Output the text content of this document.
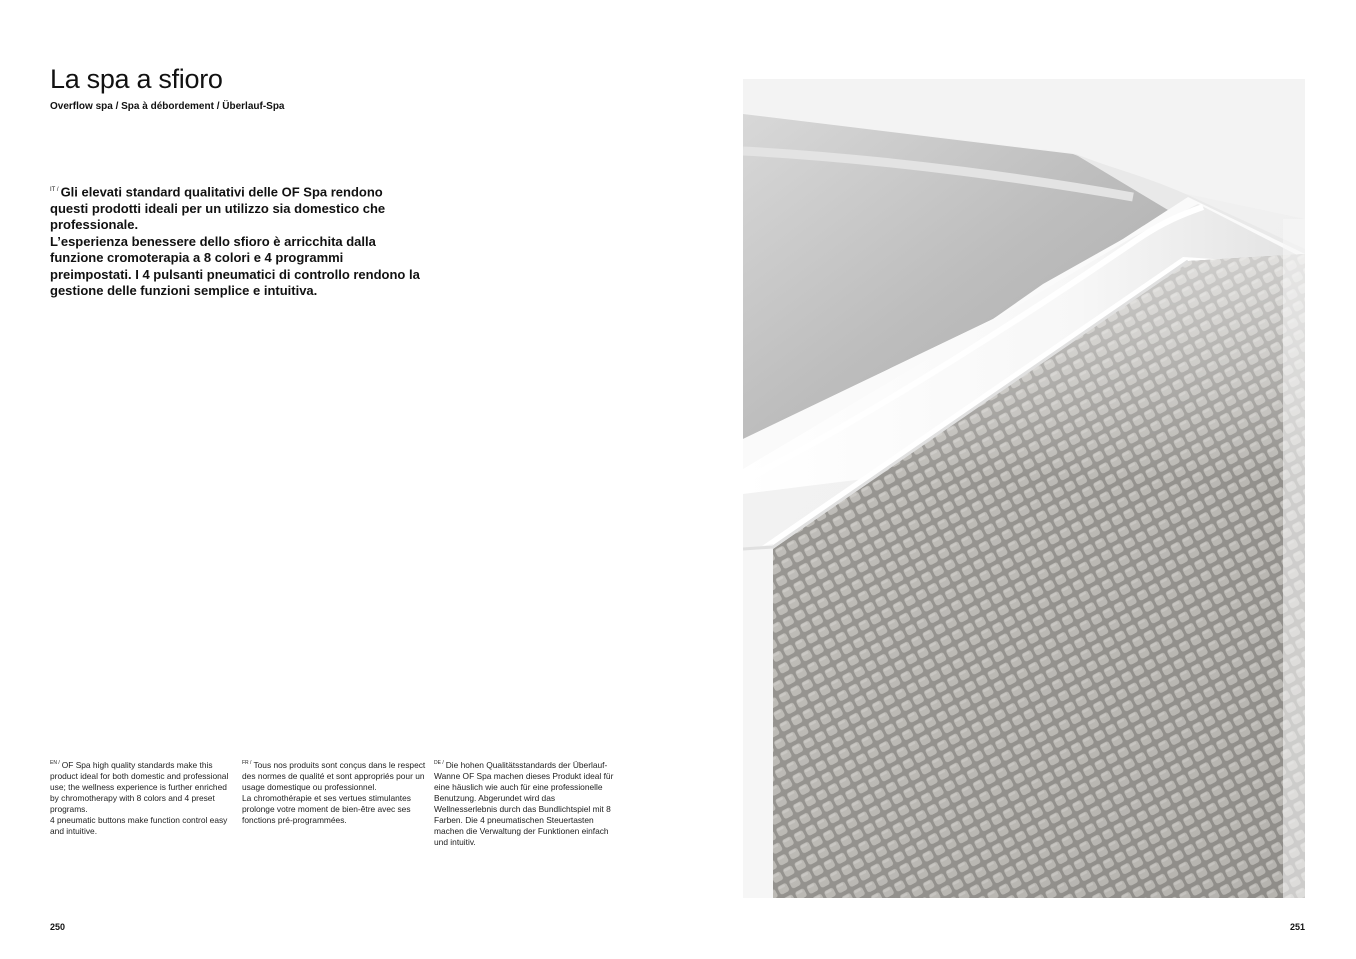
La spa a sfioro
Overflow spa / Spa à débordement / Überlauf-Spa

$^{IT /}$ Gli elevati standard qualitativi delle OF Spa rendono questi prodotti ideali per un utilizzo sia domestico che professionale.

L’esperienza benessere dello sfioro è arricchita dalla funzione cromoterapia a 8 colori e 4 programmi preimpostati. I 4 pulsanti pneumatici di controllo rendono la gestione delle funzioni semplice e intuitiva.

$^{EN /}$ OF Spa high quality standards make this product ideal for both domestic and professional use; the wellness experience is further enriched by chromotherapy with 8 colors and 4 preset programs.

4 pneumatic buttons make function control easy and intuitive.

$^{FR /}$ Tous nos produits sont conçus dans le respect des normes de qualité et sont appropriés pour un usage domestique ou professionnel.

La chromothérapie et ses vertues stimulantes prolonge votre moment de bien-être avec ses fonctions pré-programmées.

$^{DE /}$ Die hohen Qualitätsstandards der Überlauf-Wanne OF Spa machen dieses Produkt ideal für eine häuslich wie auch für eine professionelle Benutzung. Abgerundet wird das Wellnesserlebnis durch das Bundlichtspiel mit 8 Farben. Die 4 pneumatischen Steuertasten machen die Verwaltung der Funktionen einfach und intuitiv.

250	251
